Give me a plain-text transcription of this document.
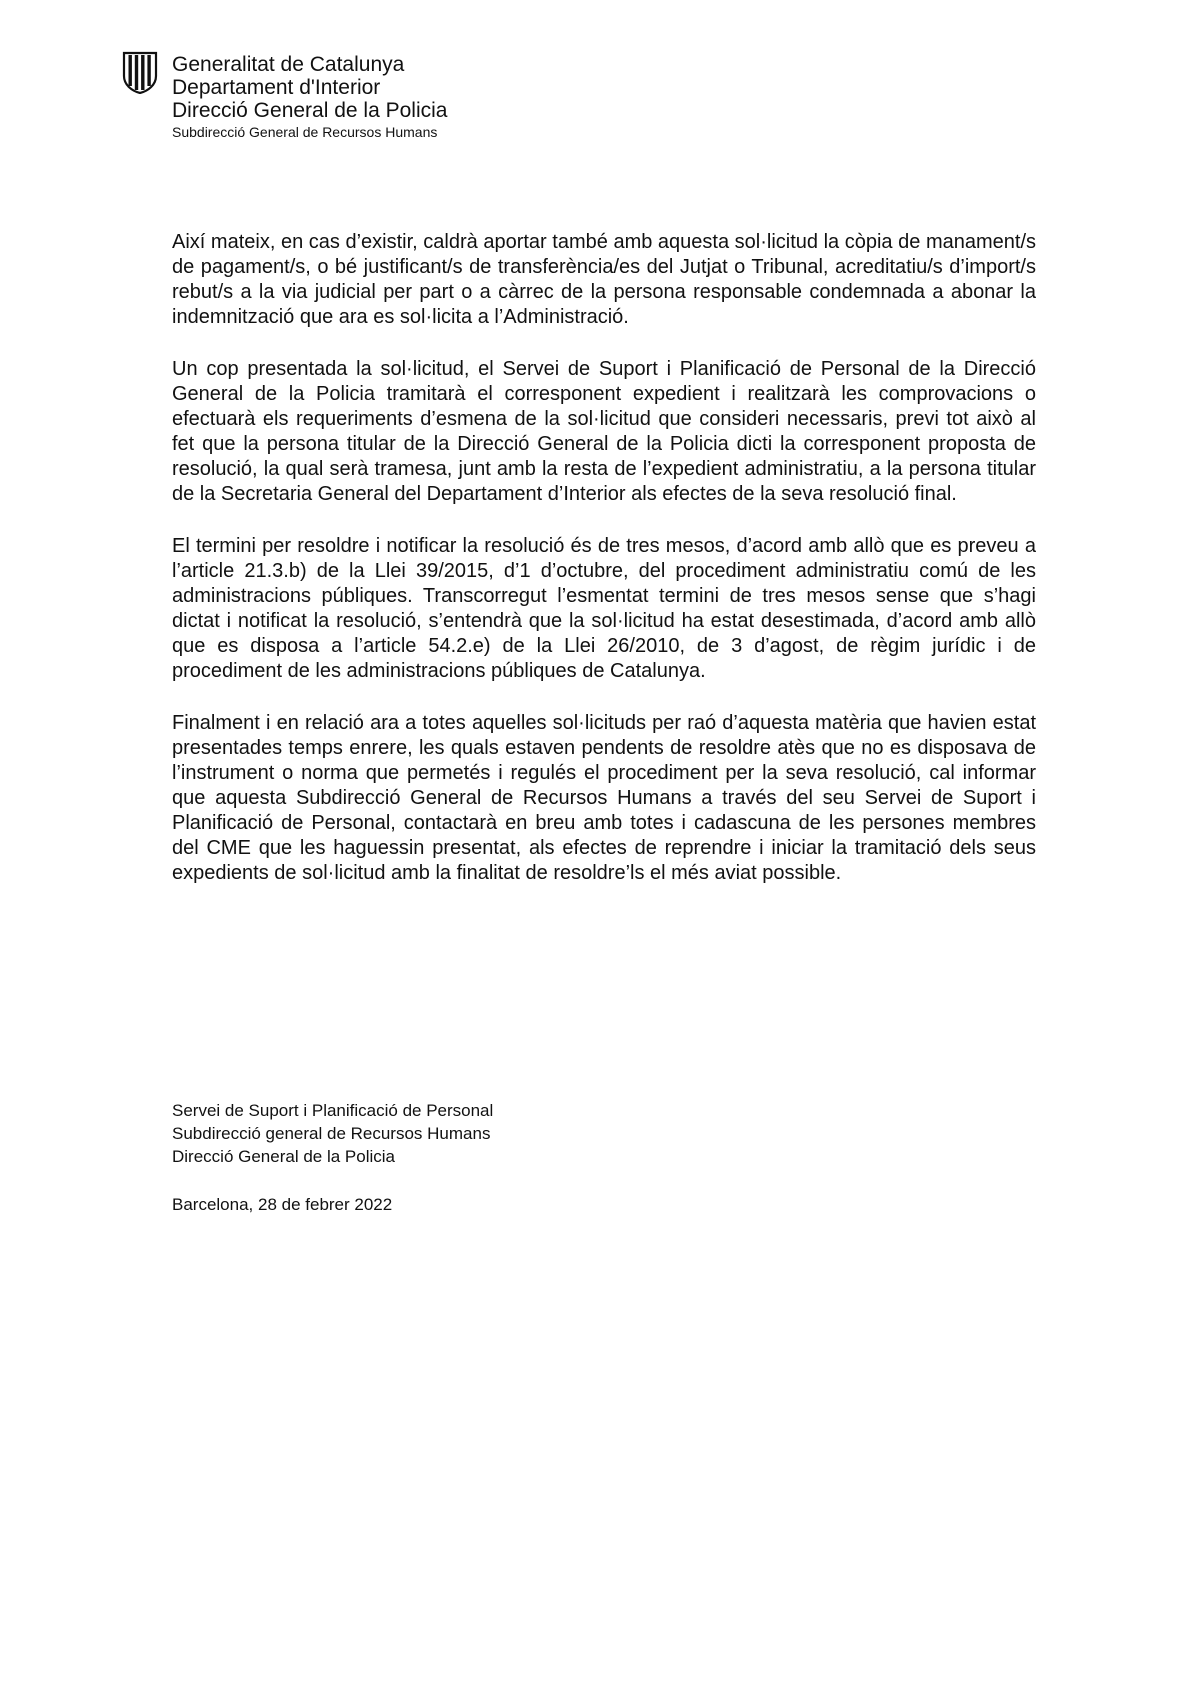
Generalitat de Catalunya
Departament d'Interior
Direcció General de la Policia
Subdirecció General de Recursos Humans

Així mateix, en cas d’existir, caldrà aportar també amb aquesta sol·licitud la còpia de manament/s de pagament/s, o bé justificant/s de transferència/es del Jutjat o Tribunal, acreditatiu/s d’import/s rebut/s a la via judicial per part o a càrrec de la persona responsable condemnada a abonar la indemnització que ara es sol·licita a l’Administració.

Un cop presentada la sol·licitud, el Servei de Suport i Planificació de Personal de la Direcció General de la Policia tramitarà el corresponent expedient i realitzarà les comprovacions o efectuarà els requeriments d’esmena de la sol·licitud que consideri necessaris, previ tot això al fet que la persona titular de la Direcció General de la Policia dicti la corresponent proposta de resolució, la qual serà tramesa, junt amb la resta de l’expedient administratiu, a la persona titular de la Secretaria General del Departament d’Interior als efectes de la seva resolució final.

El termini per resoldre i notificar la resolució és de tres mesos, d’acord amb allò que es preveu a l’article 21.3.b) de la Llei 39/2015, d’1 d’octubre, del procediment administratiu comú de les administracions públiques. Transcorregut l’esmentat termini de tres mesos sense que s’hagi dictat i notificat la resolució, s’entendrà que la sol·licitud ha estat desestimada, d’acord amb allò que es disposa a l’article 54.2.e) de la Llei 26/2010, de 3 d’agost, de règim jurídic i de procediment de les administracions públiques de Catalunya.

Finalment i en relació ara a totes aquelles sol·licituds per raó d’aquesta matèria que havien estat presentades temps enrere, les quals estaven pendents de resoldre atès que no es disposava de l’instrument o norma que permetés i regulés el procediment per la seva resolució, cal informar que aquesta Subdirecció General de Recursos Humans a través del seu Servei de Suport i Planificació de Personal, contactarà en breu amb totes i cadascuna de les persones membres del CME que les haguessin presentat, als efectes de reprendre i iniciar la tramitació dels seus expedients de sol·licitud amb la finalitat de resoldre’ls el més aviat possible.

Servei de Suport i Planificació de Personal
Subdirecció general de Recursos Humans
Direcció General de la Policia
Barcelona, 28 de febrer 2022
